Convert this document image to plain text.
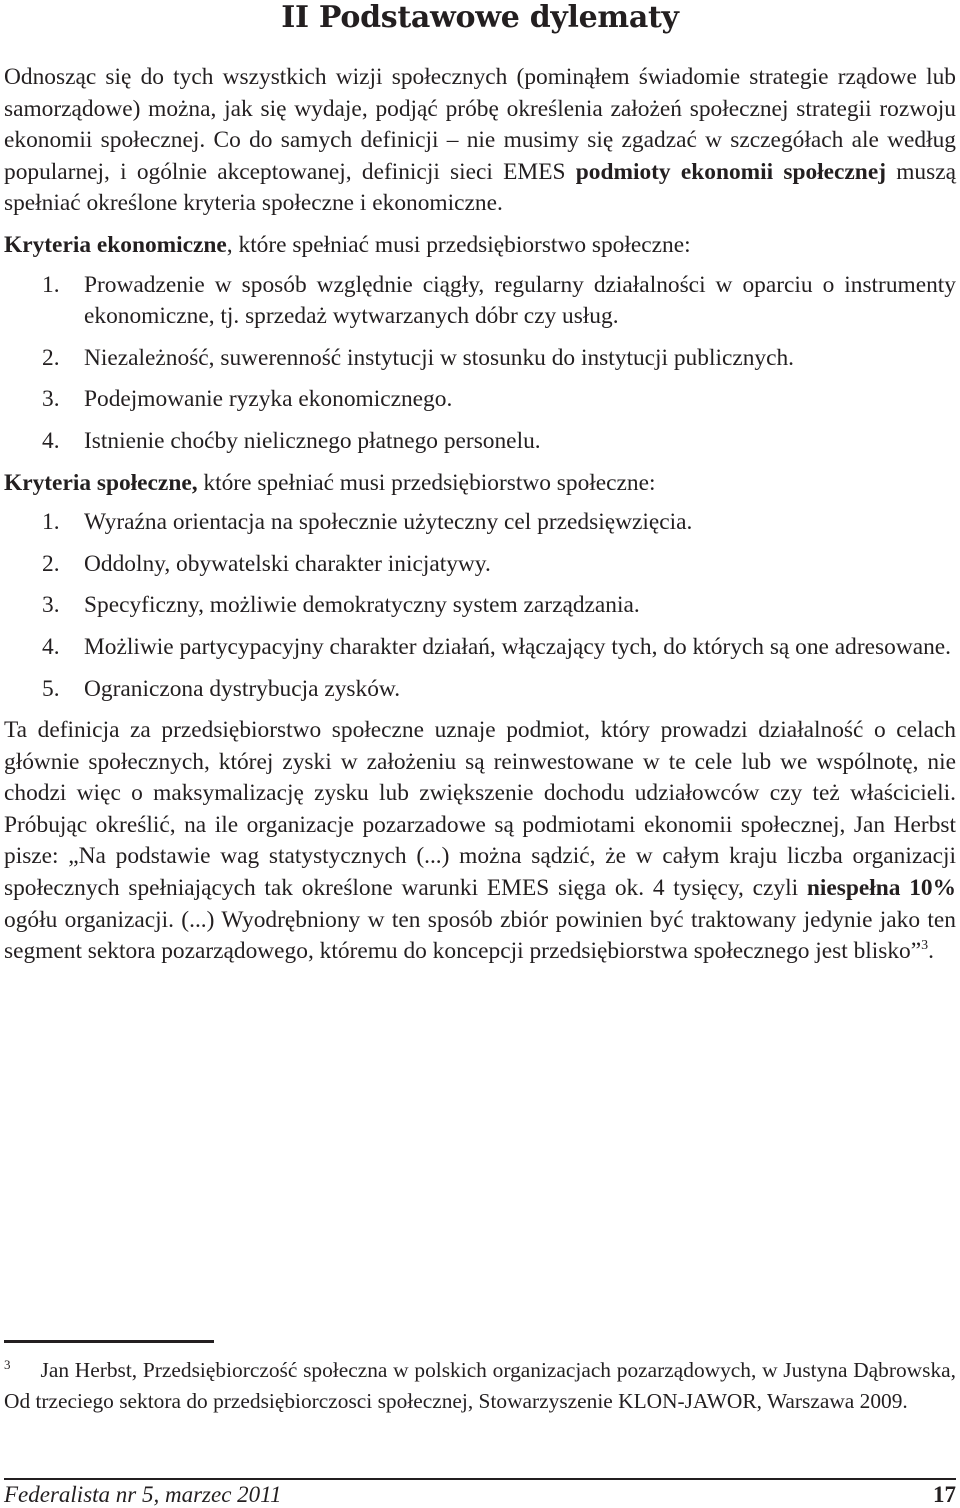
II Podstawowe dylematy

Odnosząc się do tych wszystkich wizji społecznych (pominąłem świadomie strategie rządowe lub samorządowe) można, jak się wydaje, podjąć próbę określenia założeń społecznej strategii rozwoju ekonomii społecznej. Co do samych definicji – nie musimy się zgadzać w szczegółach ale według popularnej, i ogólnie akceptowanej, definicji sieci EMES podmioty ekonomii społecznej muszą spełniać określone kryteria społeczne i ekonomiczne.

Kryteria ekonomiczne, które spełniać musi przedsiębiorstwo społeczne:

1. Prowadzenie w sposób względnie ciągły, regularny działalności w oparciu o instrumenty ekonomiczne, tj. sprzedaż wytwarzanych dóbr czy usług.
2. Niezależność, suwerenność instytucji w stosunku do instytucji publicznych.
3. Podejmowanie ryzyka ekonomicznego.
4. Istnienie choćby nielicznego płatnego personelu.

Kryteria społeczne, które spełniać musi przedsiębiorstwo społeczne:

1. Wyraźna orientacja na społecznie użyteczny cel przedsięwzięcia.
2. Oddolny, obywatelski charakter inicjatywy.
3. Specyficzny, możliwie demokratyczny system zarządzania.
4. Możliwie partycypacyjny charakter działań, włączający tych, do których są one adresowane.
5. Ograniczona dystrybucja zysków.

Ta definicja za przedsiębiorstwo społeczne uznaje podmiot, który prowadzi działalność o celach głównie społecznych, której zyski w założeniu są reinwestowane w te cele lub we wspólnotę, nie chodzi więc o maksymalizację zysku lub zwiększenie dochodu udziałowców czy też właścicieli. Próbując określić, na ile organizacje pozarzadowe są podmiotami ekonomii społecznej, Jan Herbst pisze: „Na podstawie wag statystycznych (...) można sądzić, że w całym kraju liczba organizacji społecznych spełniających tak określone warunki EMES sięga ok. 4 tysięcy, czyli niespełna 10% ogółu organizacji. (...) Wyodrębniony w ten sposób zbiór powinien być traktowany jedynie jako ten segment sektora pozarządowego, któremu do koncepcji przedsiębiorstwa społecznego jest blisko”$^3$.

$^3$ Jan Herbst, Przedsiębiorczość społeczna w polskich organizacjach pozarządowych, w Justyna Dąbrowska, Od trzeciego sektora do przedsiębiorczosci społecznej, Stowarzyszenie KLON-JAWOR, Warszawa 2009.
Federalista nr 5, marzec 2011	17
